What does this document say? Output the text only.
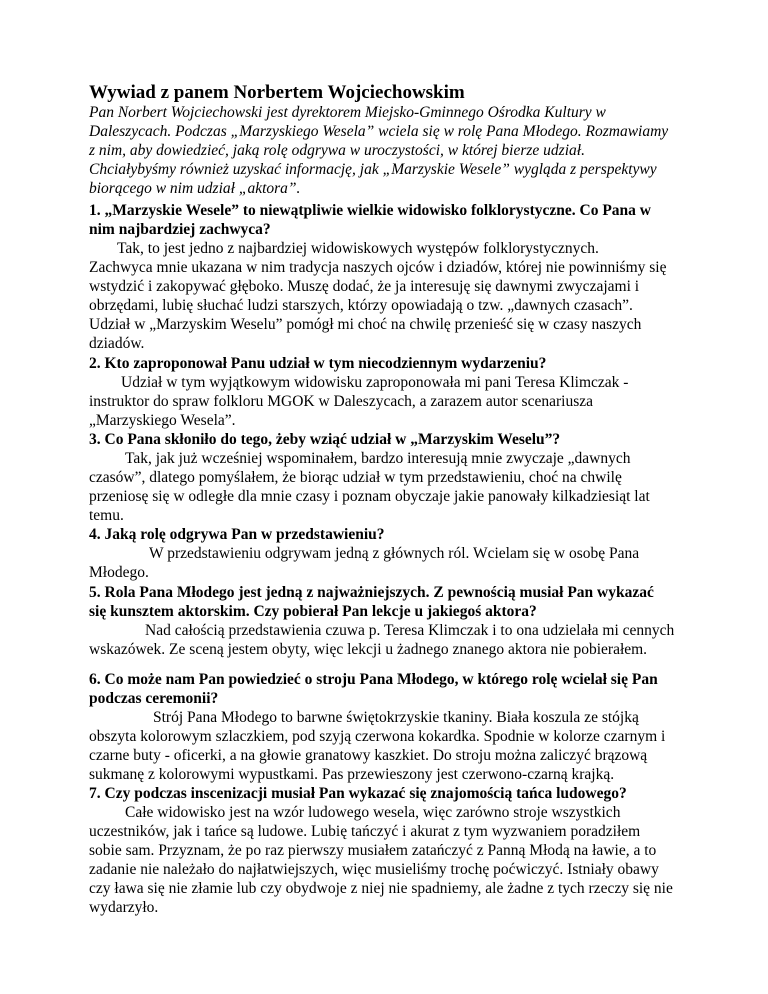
Wywiad z panem Norbertem Wojciechowskim
Pan Norbert Wojciechowski jest dyrektorem Miejsko-Gminnego Ośrodka Kultury w
Daleszycach. Podczas „Marzyskiego Wesela” wciela się w rolę Pana Młodego. Rozmawiamy
z nim, aby dowiedzieć, jaką rolę odgrywa w uroczystości, w której bierze udział.
Chciałybyśmy również uzyskać informację, jak „Marzyskie Wesele” wygląda z perspektywy
biorącego w nim udział „aktora”.
1. „Marzyskie Wesele” to niewątpliwie wielkie widowisko folklorystyczne. Co Pana w
nim najbardziej zachwyca?
Tak, to jest jedno z najbardziej widowiskowych występów folklorystycznych.
Zachwyca mnie ukazana w nim tradycja naszych ojców i dziadów, której nie powinniśmy się
wstydzić i zakopywać głęboko. Muszę dodać, że ja interesuję się dawnymi zwyczajami i
obrzędami, lubię słuchać ludzi starszych, którzy opowiadają o tzw. „dawnych czasach”.
Udział w „Marzyskim Weselu” pomógł mi choć na chwilę przenieść się w czasy naszych
dziadów.
2. Kto zaproponował Panu udział w tym niecodziennym wydarzeniu?
Udział w tym wyjątkowym widowisku zaproponowała mi pani Teresa Klimczak -
instruktor do spraw folkloru MGOK w Daleszycach, a zarazem autor scenariusza
„Marzyskiego Wesela”.
3. Co Pana skłoniło do tego, żeby wziąć udział w „Marzyskim Weselu”?
Tak, jak już wcześniej wspominałem, bardzo interesują mnie zwyczaje „dawnych
czasów”, dlatego pomyślałem, że biorąc udział w tym przedstawieniu, choć na chwilę
przeniosę się w odległe dla mnie czasy i poznam obyczaje jakie panowały kilkadziesiąt lat
temu.
4. Jaką rolę odgrywa Pan w przedstawieniu?
W przedstawieniu odgrywam jedną z głównych ról. Wcielam się w osobę Pana
Młodego.
5. Rola Pana Młodego jest jedną z najważniejszych. Z pewnością musiał Pan wykazać
się kunsztem aktorskim. Czy pobierał Pan lekcje u jakiegoś aktora?
Nad całością przedstawienia czuwa p. Teresa Klimczak i to ona udzielała mi cennych
wskazówek. Ze sceną jestem obyty, więc lekcji u żadnego znanego aktora nie pobierałem.
6. Co może nam Pan powiedzieć o stroju Pana Młodego, w którego rolę wcielał się Pan
podczas ceremonii?
Strój Pana Młodego to barwne świętokrzyskie tkaniny. Biała koszula ze stójką
obszyta kolorowym szlaczkiem, pod szyją czerwona kokardka. Spodnie w kolorze czarnym i
czarne buty - oficerki, a na głowie granatowy kaszkiet. Do stroju można zaliczyć brązową
sukmanę z kolorowymi wypustkami. Pas przewieszony jest czerwono-czarną krajką.
7. Czy podczas inscenizacji musiał Pan wykazać się znajomością tańca ludowego?
Całe widowisko jest na wzór ludowego wesela, więc zarówno stroje wszystkich
uczestników, jak i tańce są ludowe. Lubię tańczyć i akurat z tym wyzwaniem poradziłem
sobie sam. Przyznam, że po raz pierwszy musiałem zatańczyć z Panną Młodą na ławie, a to
zadanie nie należało do najłatwiejszych, więc musieliśmy trochę poćwiczyć. Istniały obawy
czy ława się nie złamie lub czy obydwoje z niej nie spadniemy, ale żadne z tych rzeczy się nie
wydarzyło.
